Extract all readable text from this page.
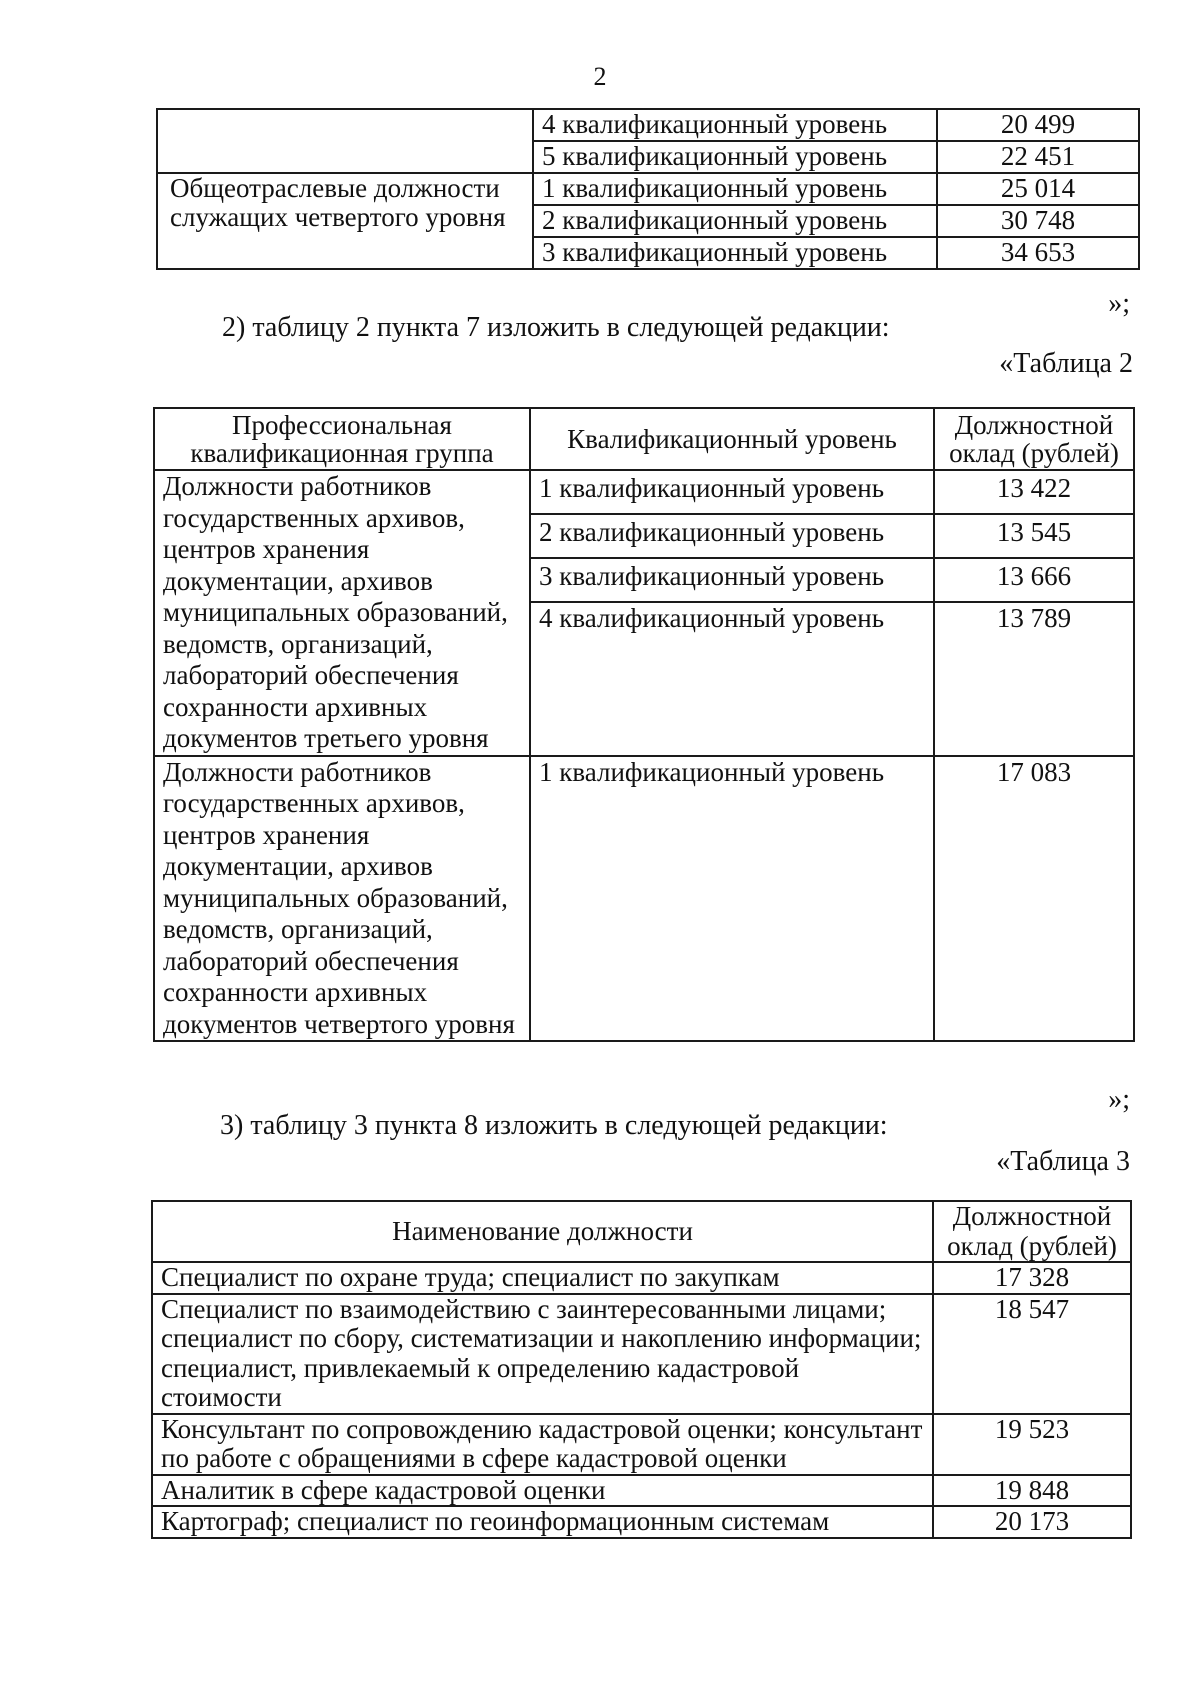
2
	4 квалификационный уровень	20 499
	5 квалификационный уровень	22 451
Общеотраслевые должности служащих четвертого уровня	1 квалификационный уровень	25 014
	2 квалификационный уровень	30 748
	3 квалификационный уровень	34 653
»;
2) таблицу 2 пункта 7 изложить в следующей редакции:
«Таблица 2
Профессиональная квалификационная группа	Квалификационный уровень	Должностной оклад (рублей)
Должности работников государственных архивов, центров хранения документации, архивов муниципальных образований, ведомств, организаций, лабораторий обеспечения сохранности архивных документов третьего уровня	1 квалификационный уровень	13 422
	2 квалификационный уровень	13 545
	3 квалификационный уровень	13 666
	4 квалификационный уровень	13 789
Должности работников государственных архивов, центров хранения документации, архивов муниципальных образований, ведомств, организаций, лабораторий обеспечения сохранности архивных документов четвертого уровня	1 квалификационный уровень	17 083
»;
3) таблицу 3 пункта 8 изложить в следующей редакции:
«Таблица 3
Наименование должности	Должностной оклад (рублей)
Специалист по охране труда; специалист по закупкам	17 328
Специалист по взаимодействию с заинтересованными лицами; специалист по сбору, систематизации и накоплению информации; специалист, привлекаемый к определению кадастровой стоимости	18 547
Консультант по сопровождению кадастровой оценки; консультант по работе с обращениями в сфере кадастровой оценки	19 523
Аналитик в сфере кадастровой оценки	19 848
Картограф; специалист по геоинформационным системам	20 173
